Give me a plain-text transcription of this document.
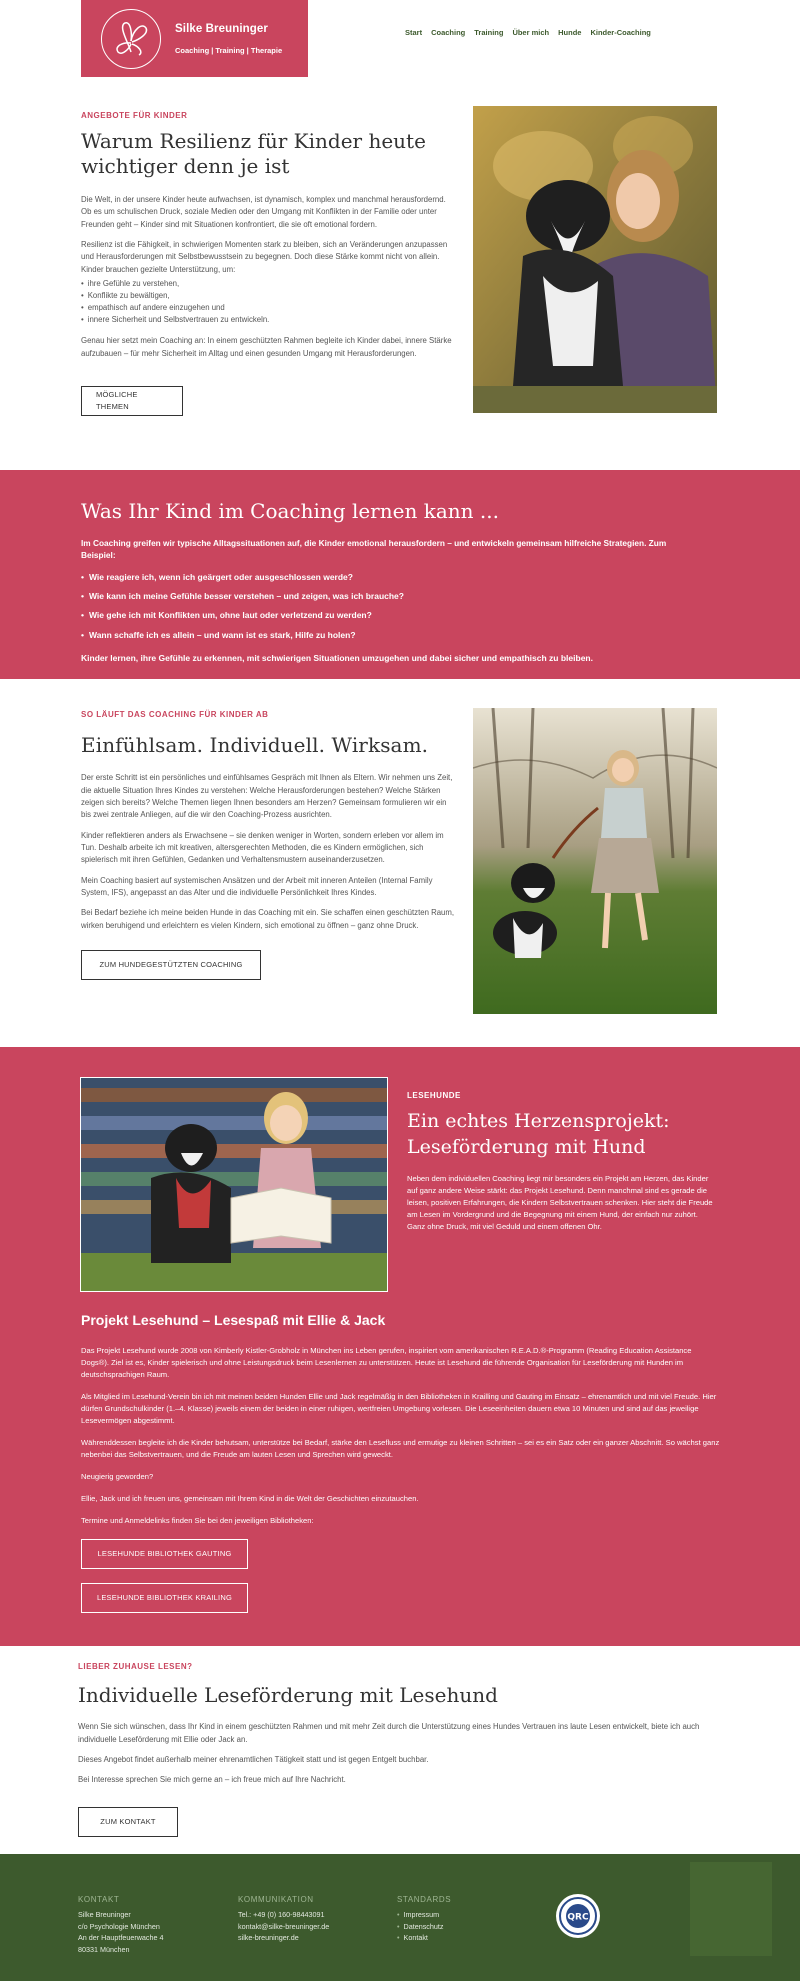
Silke Breuninger
Coaching | Training | Therapie
Start Coaching Training Über mich Hunde Kinder-Coaching
ANGEBOTE FÜR KINDER
Warum Resilienz für Kinder heute wichtiger denn je ist

Die Welt, in der unsere Kinder heute aufwachsen, ist dynamisch, komplex und manchmal herausfordernd. Ob es um schulischen Druck, soziale Medien oder den Umgang mit Konflikten in der Familie oder unter Freunden geht – Kinder sind mit Situationen konfrontiert, die sie oft emotional fordern.

Resilienz ist die Fähigkeit, in schwierigen Momenten stark zu bleiben, sich an Veränderungen anzupassen und Herausforderungen mit Selbstbewusstsein zu begegnen. Doch diese Stärke kommt nicht von allein. Kinder brauchen gezielte Unterstützung, um:

• ihre Gefühle zu verstehen,
• Konflikte zu bewältigen,
• empathisch auf andere einzugehen und
• innere Sicherheit und Selbstvertrauen zu entwickeln.

Genau hier setzt mein Coaching an: In einem geschützten Rahmen begleite ich Kinder dabei, innere Stärke aufzubauen – für mehr Sicherheit im Alltag und einen gesunden Umgang mit Herausforderungen.

MÖGLICHE THEMEN
Was Ihr Kind im Coaching lernen kann ...

Im Coaching greifen wir typische Alltagssituationen auf, die Kinder emotional herausfordern – und entwickeln gemeinsam hilfreiche Strategien. Zum Beispiel:

• Wie reagiere ich, wenn ich geärgert oder ausgeschlossen werde?
• Wie kann ich meine Gefühle besser verstehen – und zeigen, was ich brauche?
• Wie gehe ich mit Konflikten um, ohne laut oder verletzend zu werden?
• Wann schaffe ich es allein – und wann ist es stark, Hilfe zu holen?

Kinder lernen, ihre Gefühle zu erkennen, mit schwierigen Situationen umzugehen und dabei sicher und empathisch zu bleiben.

SO LÄUFT DAS COACHING FÜR KINDER AB
Einfühlsam. Individuell. Wirksam.

Der erste Schritt ist ein persönliches und einfühlsames Gespräch mit Ihnen als Eltern. Wir nehmen uns Zeit, die aktuelle Situation Ihres Kindes zu verstehen: Welche Herausforderungen bestehen? Welche Stärken zeigen sich bereits? Welche Themen liegen Ihnen besonders am Herzen? Gemeinsam formulieren wir ein bis zwei zentrale Anliegen, auf die wir den Coaching-Prozess ausrichten.

Kinder reflektieren anders als Erwachsene – sie denken weniger in Worten, sondern erleben vor allem im Tun. Deshalb arbeite ich mit kreativen, altersgerechten Methoden, die es Kindern ermöglichen, sich spielerisch mit ihren Gefühlen, Gedanken und Verhaltensmustern auseinanderzusetzen.

Mein Coaching basiert auf systemischen Ansätzen und der Arbeit mit inneren Anteilen (Internal Family System, IFS), angepasst an das Alter und die individuelle Persönlichkeit Ihres Kindes.

Bei Bedarf beziehe ich meine beiden Hunde in das Coaching mit ein. Sie schaffen einen geschützten Raum, wirken beruhigend und erleichtern es vielen Kindern, sich emotional zu öffnen – ganz ohne Druck.

ZUM HUNDEGESTÜTZTEN COACHING
LESEHUNDE
Ein echtes Herzensprojekt: Leseförderung mit Hund

Neben dem individuellen Coaching liegt mir besonders ein Projekt am Herzen, das Kinder auf ganz andere Weise stärkt: das Projekt Lesehund. Denn manchmal sind es gerade die leisen, positiven Erfahrungen, die Kindern Selbstvertrauen schenken. Hier steht die Freude am Lesen im Vordergrund und die Begegnung mit einem Hund, der einfach nur zuhört. Ganz ohne Druck, mit viel Geduld und einem offenen Ohr.

Projekt Lesehund – Lesespaß mit Ellie & Jack

Das Projekt Lesehund wurde 2008 von Kimberly Kistler-Grobholz in München ins Leben gerufen, inspiriert vom amerikanischen R.E.A.D.®-Programm (Reading Education Assistance Dogs®). Ziel ist es, Kinder spielerisch und ohne Leistungsdruck beim Lesenlernen zu unterstützen. Heute ist Lesehund die führende Organisation für Leseförderung mit Hunden im deutschsprachigen Raum.

Als Mitglied im Lesehund-Verein bin ich mit meinen beiden Hunden Ellie und Jack regelmäßig in den Bibliotheken in Krailling und Gauting im Einsatz – ehrenamtlich und mit viel Freude. Hier dürfen Grundschulkinder (1.–4. Klasse) jeweils einem der beiden in einer ruhigen, wertfreien Umgebung vorlesen. Die Leseeinheiten dauern etwa 10 Minuten und sind auf das jeweilige Lesevermögen abgestimmt.

Währenddessen begleite ich die Kinder behutsam, unterstütze bei Bedarf, stärke den Lesefluss und ermutige zu kleinen Schritten – sei es ein Satz oder ein ganzer Abschnitt. So wächst ganz nebenbei das Selbstvertrauen, und die Freude am lauten Lesen und Sprechen wird geweckt.

Neugierig geworden?

Ellie, Jack und ich freuen uns, gemeinsam mit Ihrem Kind in die Welt der Geschichten einzutauchen.

Termine und Anmeldelinks finden Sie bei den jeweiligen Bibliotheken:

LESEHUNDE BIBLIOTHEK GAUTING
LESEHUNDE BIBLIOTHEK KRAILING
LIEBER ZUHAUSE LESEN?
Individuelle Leseförderung mit Lesehund

Wenn Sie sich wünschen, dass Ihr Kind in einem geschützten Rahmen und mit mehr Zeit durch die Unterstützung eines Hundes Vertrauen ins laute Lesen entwickelt, biete ich auch individuelle Leseförderung mit Ellie oder Jack an.

Dieses Angebot findet außerhalb meiner ehrenamtlichen Tätigkeit statt und ist gegen Entgelt buchbar.

Bei Interesse sprechen Sie mich gerne an – ich freue mich auf Ihre Nachricht.

ZUM KONTAKT
KONTAKT
Silke Breuninger
c/o Psychologie München
An der Hauptfeuerwache 4
80331 München
KOMMUNIKATION
Tel.: +49 (0) 160-98443091
kontakt@silke-breuninger.de
silke-breuninger.de
STANDARDS
• Impressum
• Datenschutz
• Kontakt
QRC
